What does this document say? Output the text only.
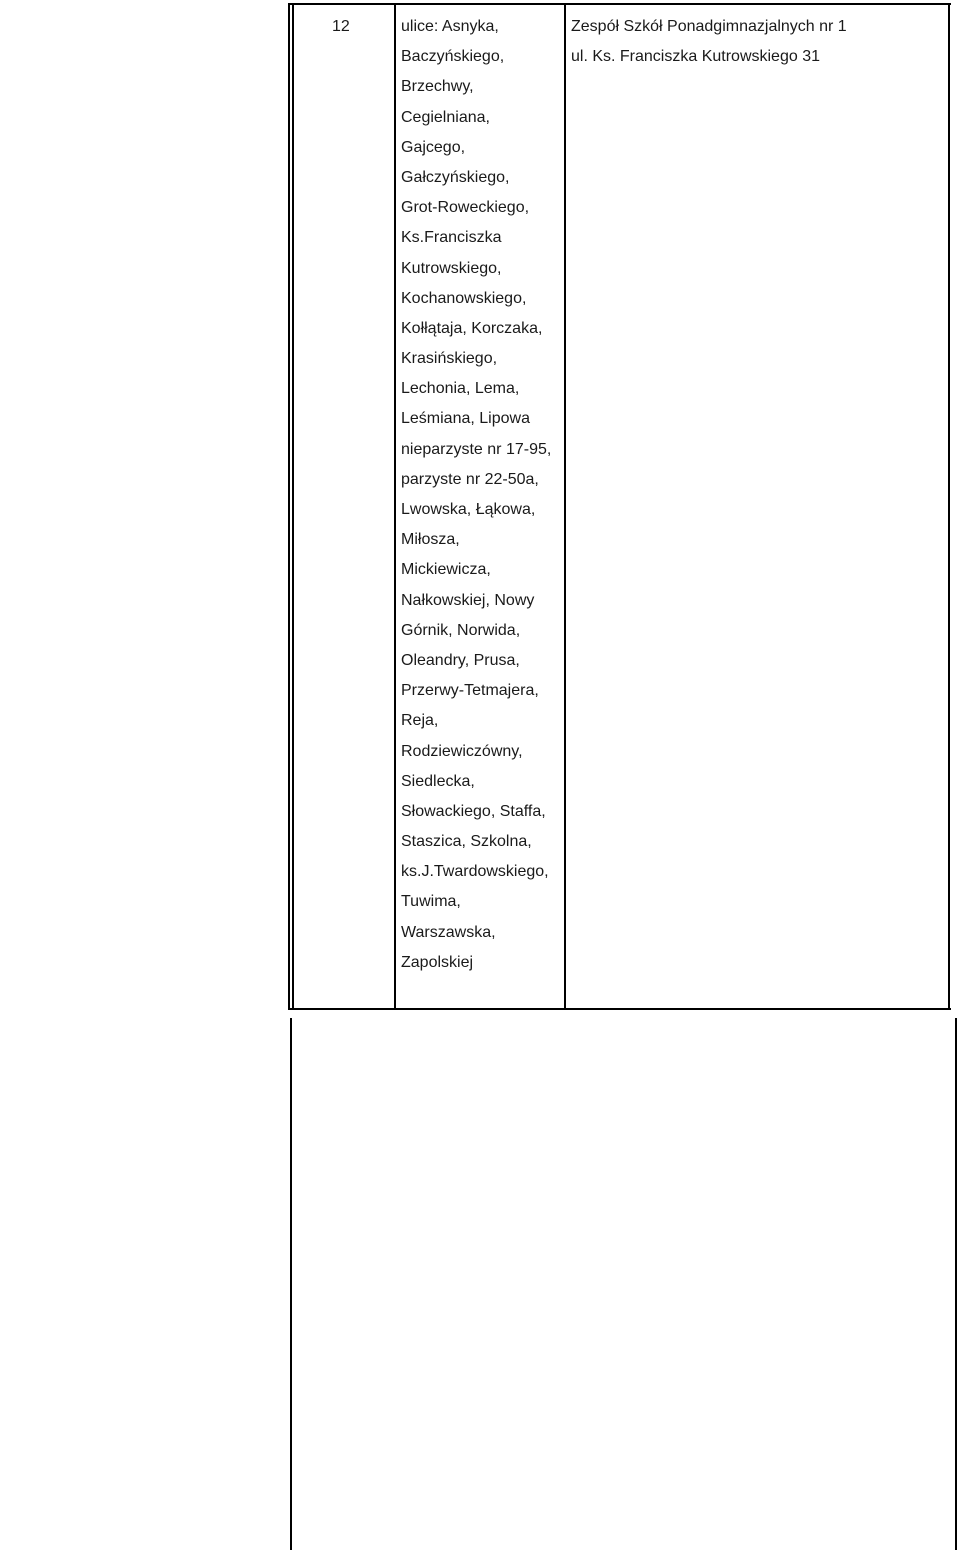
12	ulice: Asnyka,
Baczyńskiego,
Brzechwy,
Cegielniana,
Gajcego,
Gałczyńskiego,
Grot-Roweckiego,
Ks.Franciszka
Kutrowskiego,
Kochanowskiego,
Kołłątaja, Korczaka,
Krasińskiego,
Lechonia, Lema,
Leśmiana, Lipowa
nieparzyste nr 17-95,
parzyste nr 22-50a,
Lwowska, Łąkowa,
Miłosza,
Mickiewicza,
Nałkowskiej, Nowy
Górnik, Norwida,
Oleandry, Prusa,
Przerwy-Tetmajera,
Reja,
Rodziewiczówny,
Siedlecka,
Słowackiego, Staffa,
Staszica, Szkolna,
ks.J.Twardowskiego,
Tuwima,
Warszawska,
Zapolskiej
Zespół Szkół Ponadgimnazjalnych nr 1
ul. Ks. Franciszka Kutrowskiego 31
